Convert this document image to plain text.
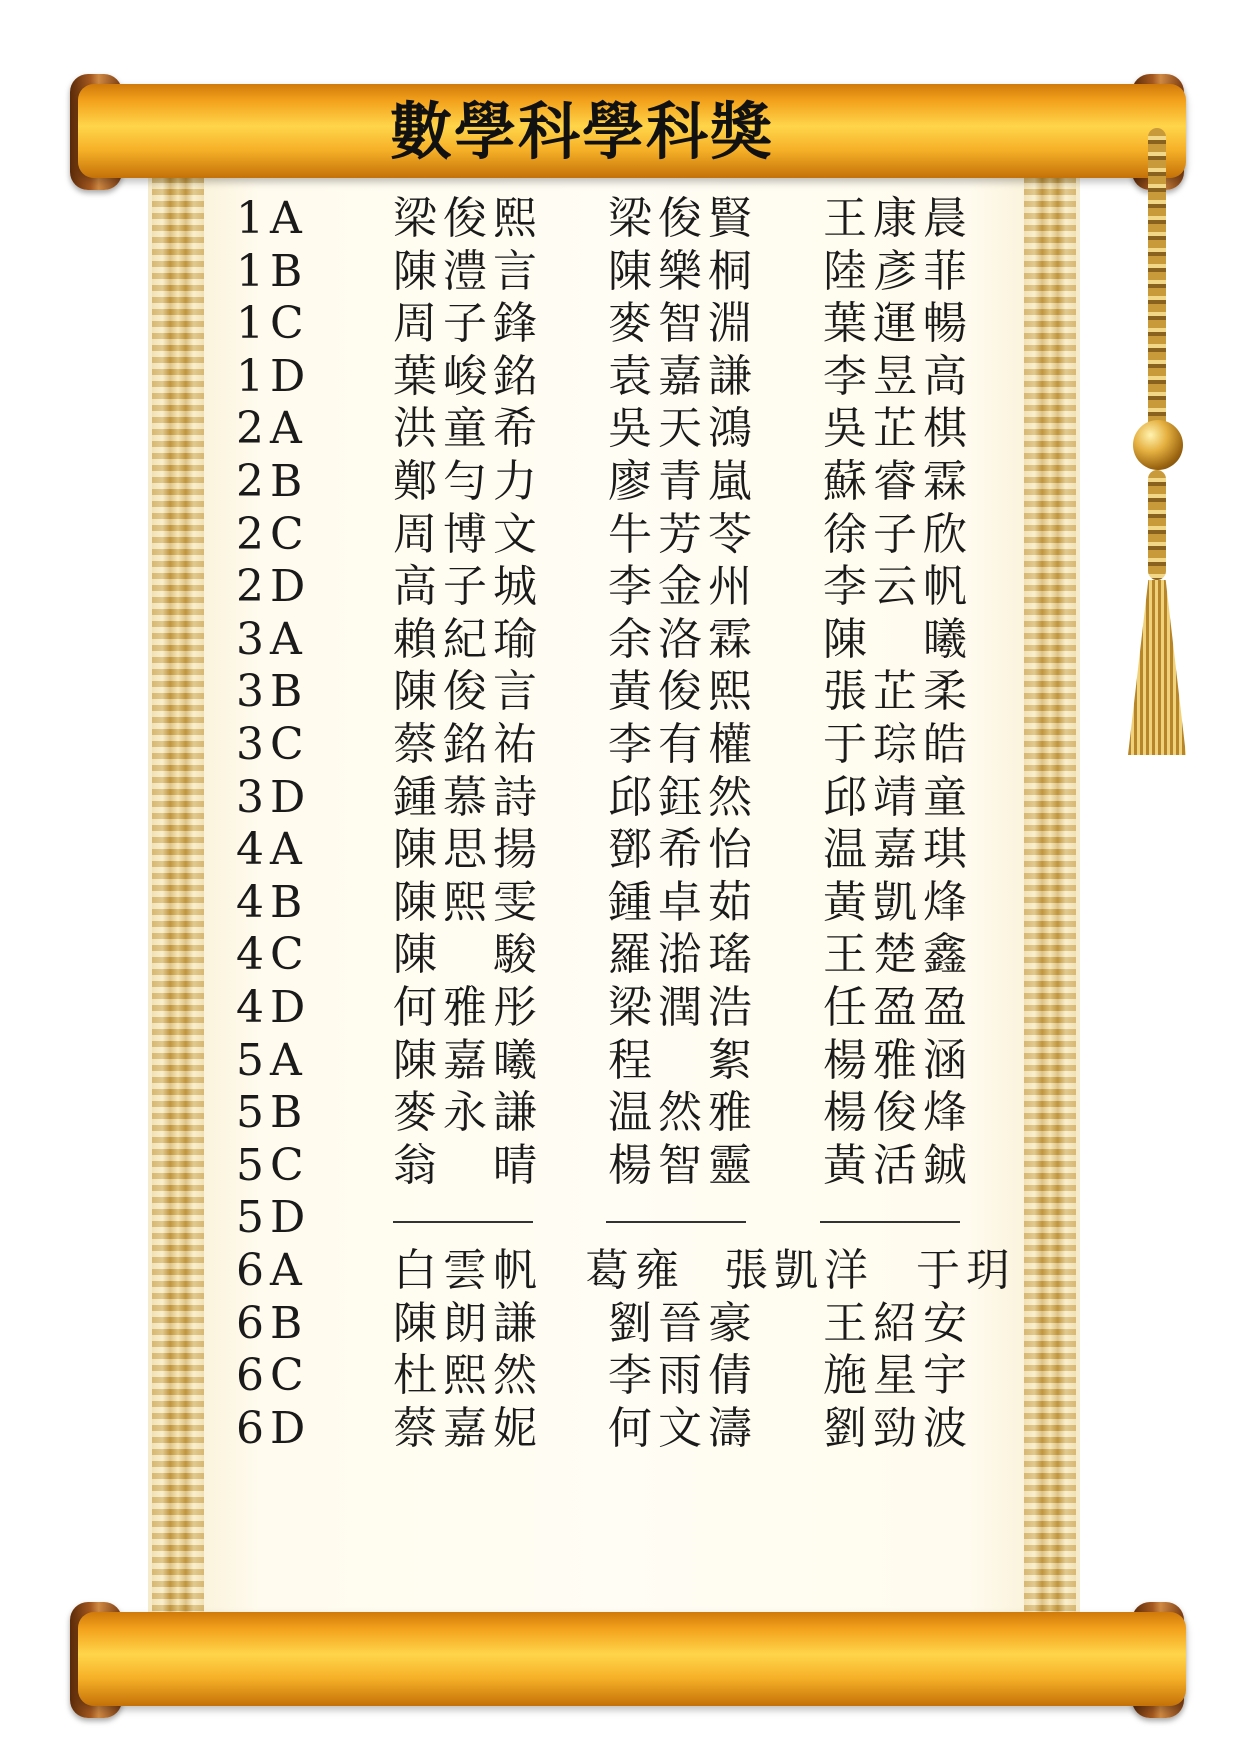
數學科學科獎
1A 梁俊熙 梁俊賢 王康晨
1B 陳澧言 陳樂桐 陸彥菲
1C 周子鋒 麥智淵 葉運暢
1D 葉峻銘 袁嘉謙 李昱高
2A 洪童希 吳天鴻 吳芷棋
2B 鄭勻力 廖青嵐 蘇睿霖
2C 周博文 牛芳苓 徐子欣
2D 高子城 李金州 李云帆
3A 賴紀瑜 余洛霖 陳　曦
3B 陳俊言 黃俊熙 張芷柔
3C 蔡銘祐 李有權 于琮皓
3D 鍾慕詩 邱鈺然 邱靖童
4A 陳思揚 鄧希怡 温嘉琪
4B 陳熙雯 鍾卓茹 黃凱烽
4C 陳　駿 羅湁瑤 王楚鑫
4D 何雅彤 梁潤浩 任盈盈
5A 陳嘉曦 程　絮 楊雅涵
5B 麥永謙 温然雅 楊俊烽
5C 翁　晴 楊智靈 黃活鋮
5D
6A 白雲帆 葛雍 張凱洋 于玥
6B 陳朗謙 劉晉豪 王紹安
6C 杜熙然 李雨倩 施星宇
6D 蔡嘉妮 何文濤 劉勁波
